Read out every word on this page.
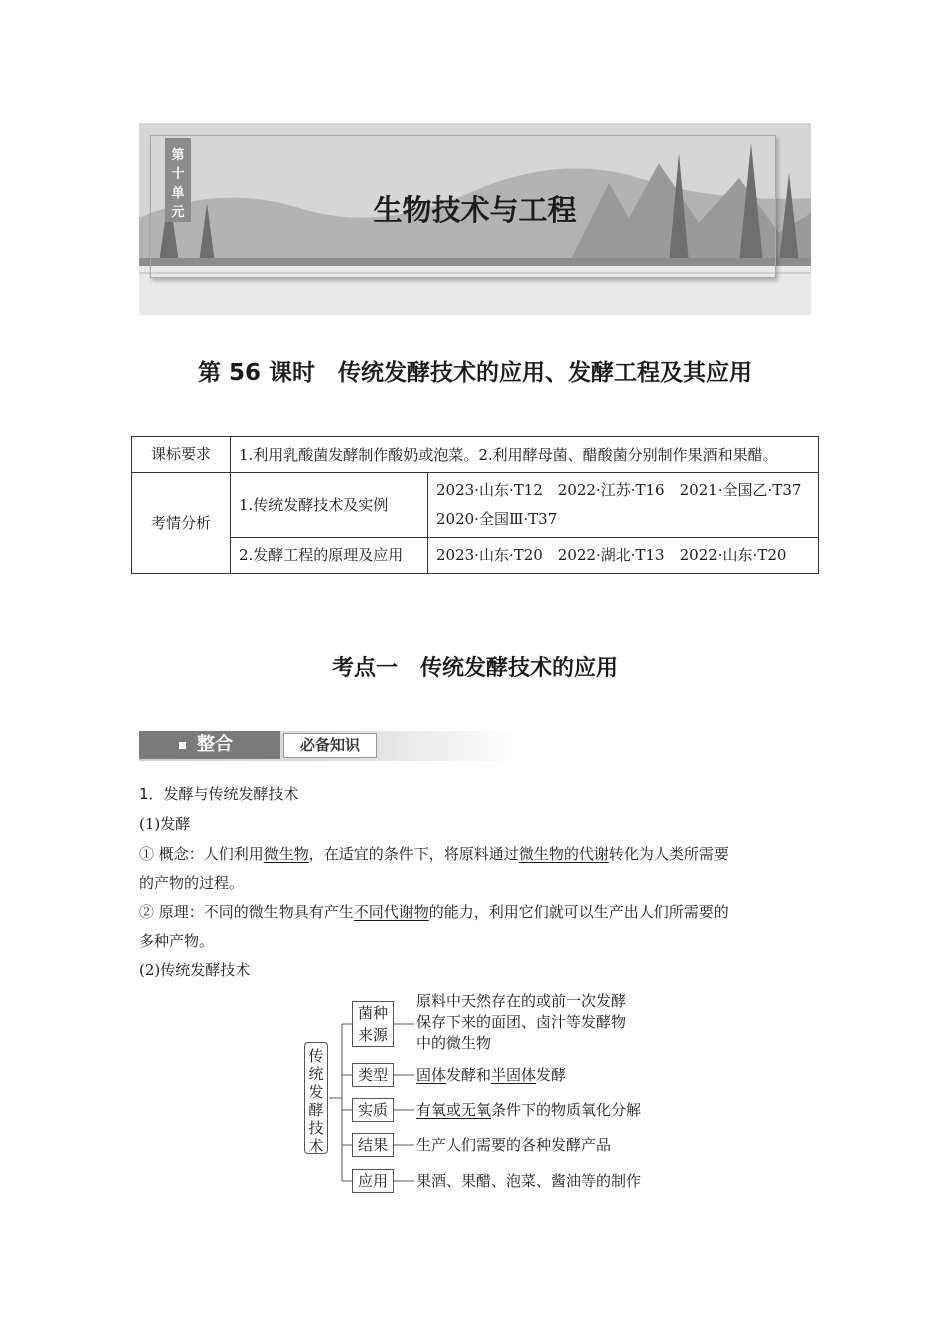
第
十
单
元	生物技术与工程
第 56 课时　传统发酵技术的应用、发酵工程及其应用
课标要求	1.利用乳酸菌发酵制作酸奶或泡菜。2.利用酵母菌、醋酸菌分别制作果酒和果醋。	
考情分析	1.传统发酵技术及实例	2023·山东·T12　2022·江苏·T16　2021·全国乙·T37
2020·全国Ⅲ·T37

	2.发酵工程的原理及应用	2023·山东·T20　2022·湖北·T13　2022·山东·T20
考点一　传统发酵技术的应用
整合	必备知识
1．发酵与传统发酵技术
(1)发酵
① 概念：人们利用微生物，在适宜的条件下，将原料通过微生物的代谢转化为人类所需要
的产物的过程。
② 原理：不同的微生物具有产生不同代谢物的能力，利用它们就可以生产出人们所需要的
多种产物。
(2)传统发酵技术
传
统
发
酵
技
术
菌种
来源
原料中天然存在的或前一次发酵
保存下来的面团、卤汁等发酵物
中的微生物
类型	固体发酵和半固体发酵
实质	有氧或无氧条件下的物质氧化分解
结果	生产人们需要的各种发酵产品
应用	果酒、果醋、泡菜、酱油等的制作
